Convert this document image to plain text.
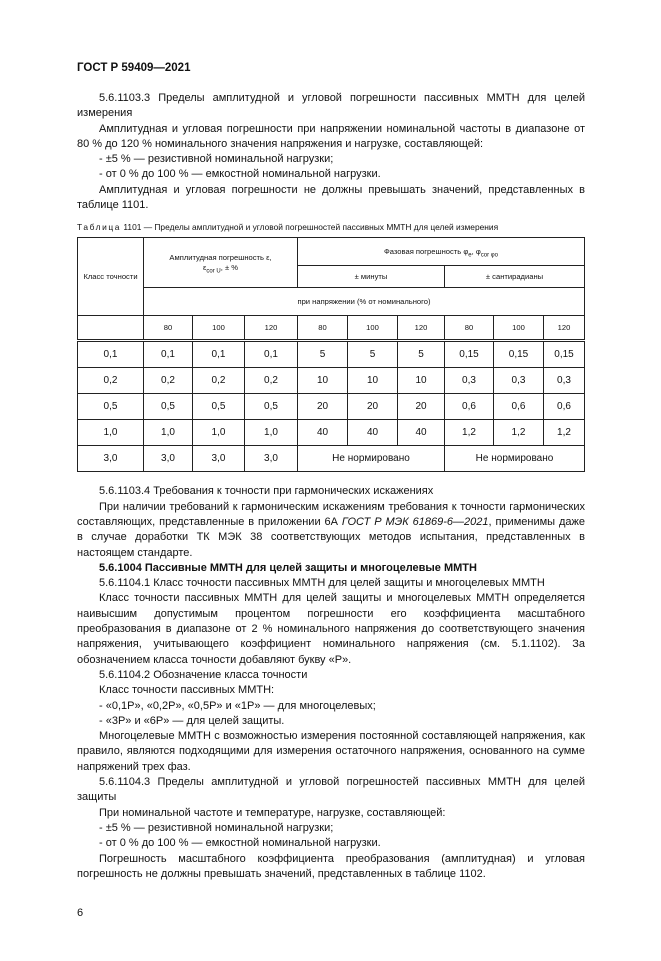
ГОСТ Р 59409—2021

5.6.1103.3 Пределы амплитудной и угловой погрешности пассивных ММТН для целей измерения

Амплитудная и угловая погрешности при напряжении номинальной частоты в диапазоне от 80 % до 120 % номинального значения напряжения и нагрузке, составляющей:

- ±5 % — резистивной номинальной нагрузки;

- от 0 % до 100 % — емкостной номинальной нагрузки.

Амплитудная и угловая погрешности не должны превышать значений, представленных в таблице 1101.

Таблица 1101 — Пределы амплитудной и угловой погрешностей пассивных ММТН для целей измерения
Класс точности	Амплитудная погрешность ε,
$\varepsilon_{cor U}$, ± %			Фазовая погрешность $\varphi_e$, $\varphi_{cor \varphi o}$
				± минуты			± сантирадианы		
	при напряжении (% от номинального)								
	80	100	120	80	100	120	80	100	120
0,1	0,1	0,1	0,1	5	5	5	0,15	0,15	0,15
0,2	0,2	0,2	0,2	10	10	10	0,3	0,3	0,3
0,5	0,5	0,5	0,5	20	20	20	0,6	0,6	0,6
1,0	1,0	1,0	1,0	40	40	40	1,2	1,2	1,2
3,0	3,0	3,0	3,0	Не нормировано			Не нормировано		

5.6.1103.4 Требования к точности при гармонических искажениях

При наличии требований к гармоническим искажениям требования к точности гармонических составляющих, представленные в приложении 6А ГОСТ Р МЭК 61869-6—2021, применимы даже в случае доработки ТК МЭК 38 соответствующих методов испытания, представленных в настоящем стандарте.

5.6.1004 Пассивные ММТН для целей защиты и многоцелевые ММТН

5.6.1104.1 Класс точности пассивных ММТН для целей защиты и многоцелевых ММТН

Класс точности пассивных ММТН для целей защиты и многоцелевых ММТН определяется наивысшим допустимым процентом погрешности его коэффициента масштабного преобразования в диапазоне от 2 % номинального напряжения до соответствующего значения напряжения, учитывающего коэффициент номинального напряжения (см. 5.1.1102). За обозначением класса точности добавляют букву «P».

5.6.1104.2 Обозначение класса точности

Класс точности пассивных ММТН:

- «0,1P», «0,2P», «0,5P» и «1P» — для многоцелевых;

- «3P» и «6P» — для целей защиты.

Многоцелевые ММТН с возможностью измерения постоянной составляющей напряжения, как правило, являются подходящими для измерения остаточного напряжения, основанного на сумме напряжений трех фаз.

5.6.1104.3 Пределы амплитудной и угловой погрешностей пассивных ММТН для целей защиты

При номинальной частоте и температуре, нагрузке, составляющей:

- ±5 % — резистивной номинальной нагрузки;

- от 0 % до 100 % — емкостной номинальной нагрузки.

Погрешность масштабного коэффициента преобразования (амплитудная) и угловая погрешность не должны превышать значений, представленных в таблице 1102.

6
